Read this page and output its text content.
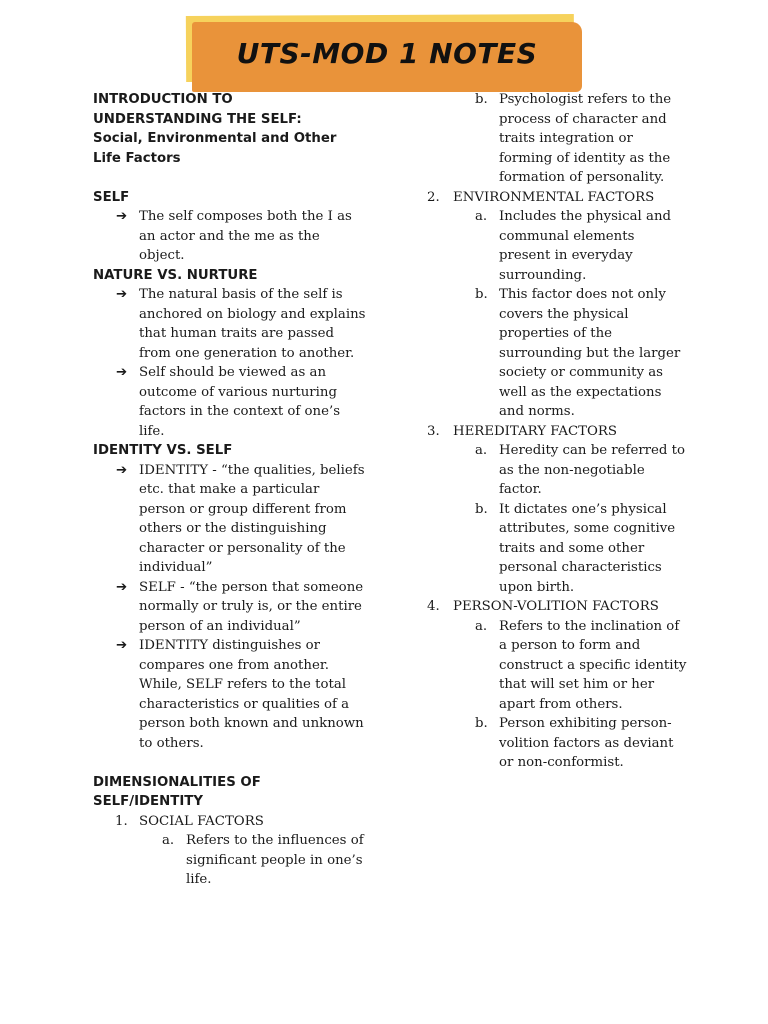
UTS-MOD 1 NOTES
INTRODUCTION TO
UNDERSTANDING THE SELF:
Social, Environmental and Other
Life Factors
SELF
➔ The self composes both the I as an actor and the me as the object.
NATURE VS. NURTURE
➔ The natural basis of the self is anchored on biology and explains that human traits are passed from one generation to another.
➔ Self should be viewed as an outcome of various nurturing factors in the context of one’s life.
IDENTITY VS. SELF
➔ IDENTITY - “the qualities, beliefs etc. that make a particular person or group different from others or the distinguishing character or personality of the individual”
➔ SELF - “the person that someone normally or truly is, or the entire person of an individual”
➔ IDENTITY distinguishes or compares one from another. While, SELF refers to the total characteristics or qualities of a person both known and unknown to others.
DIMENSIONALITIES OF
SELF/IDENTITY
1. SOCIAL FACTORS
a. Refers to the influences of significant people in one’s life.
b. Psychologist refers to the process of character and traits integration or forming of identity as the formation of personality.
2. ENVIRONMENTAL FACTORS
a. Includes the physical and communal elements present in everyday surrounding.
b. This factor does not only covers the physical properties of the surrounding but the larger society or community as well as the expectations and norms.
3. HEREDITARY FACTORS
a. Heredity can be referred to as the non-negotiable factor.
b. It dictates one’s physical attributes, some cognitive traits and some other personal characteristics upon birth.
4. PERSON-VOLITION FACTORS
a. Refers to the inclination of a person to form and construct a specific identity that will set him or her apart from others.
b. Person exhibiting person-volition factors as deviant or non-conformist.
